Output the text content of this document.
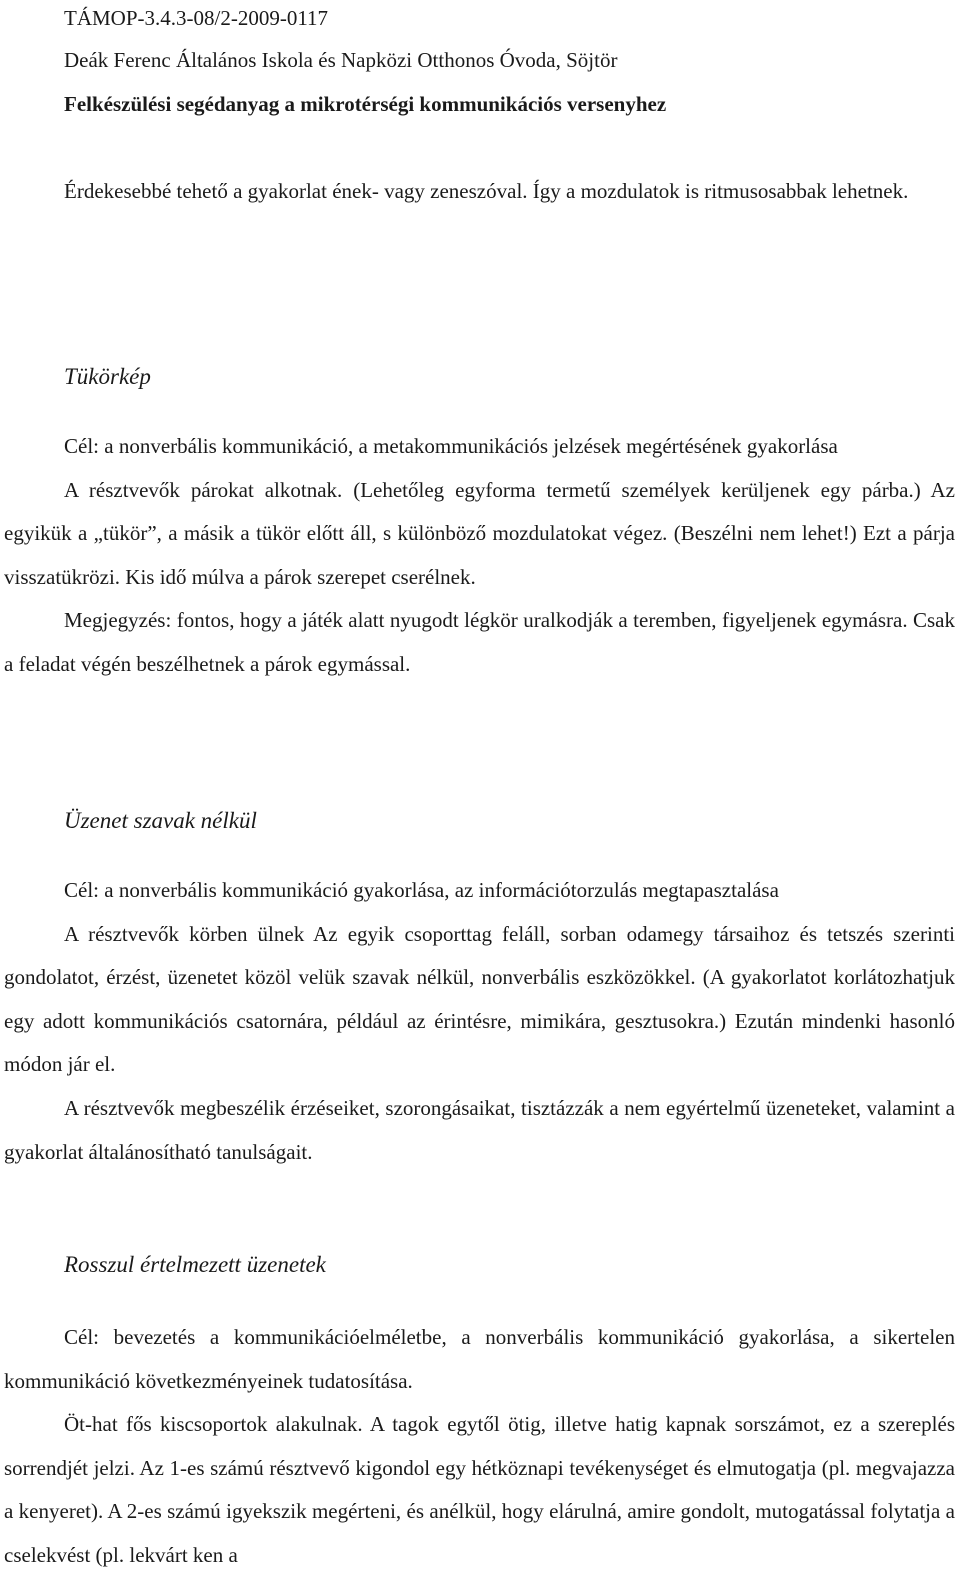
TÁMOP-3.4.3-08/2-2009-0117
Deák Ferenc Általános Iskola és Napközi Otthonos Óvoda, Söjtör
Felkészülési segédanyag a mikrotérségi kommunikációs versenyhez

Érdekesebbé tehető a gyakorlat ének- vagy zeneszóval. Így a mozdulatok is ritmusosabbak lehetnek.

Tükörkép

Cél: a nonverbális kommunikáció, a metakommunikációs jelzések megértésének gyakorlása

A résztvevők párokat alkotnak. (Lehetőleg egyforma termetű személyek kerüljenek egy párba.) Az egyikük a „tükör”, a másik a tükör előtt áll, s különböző mozdulatokat végez. (Beszélni nem lehet!) Ezt a párja visszatükrözi. Kis idő múlva a párok szerepet cserélnek.

Megjegyzés: fontos, hogy a játék alatt nyugodt légkör uralkodják a teremben, figyeljenek egymásra. Csak a feladat végén beszélhetnek a párok egymással.

Üzenet szavak nélkül

Cél: a nonverbális kommunikáció gyakorlása, az információtorzulás megtapasztalása

A résztvevők körben ülnek Az egyik csoporttag feláll, sorban odamegy társaihoz és tetszés szerinti gondolatot, érzést, üzenetet közöl velük szavak nélkül, nonverbális eszközökkel. (A gyakorlatot korlátozhatjuk egy adott kommunikációs csatornára, például az érintésre, mimikára, gesztusokra.) Ezután mindenki hasonló módon jár el.

A résztvevők megbeszélik érzéseiket, szorongásaikat, tisztázzák a nem egyértelmű üzeneteket, valamint a gyakorlat általánosítható tanulságait.

Rosszul értelmezett üzenetek

Cél: bevezetés a kommunikációelméletbe, a nonverbális kommunikáció gyakorlása, a sikertelen kommunikáció következményeinek tudatosítása.

Öt-hat fős kiscsoportok alakulnak. A tagok egytől ötig, illetve hatig kapnak sorszámot, ez a szereplés sorrendjét jelzi. Az 1-es számú résztvevő kigondol egy hétköznapi tevékenységet és elmutogatja (pl. megvajazza a kenyeret). A 2-es számú igyekszik megérteni, és anélkül, hogy elárulná, amire gondolt, mutogatással folytatja a cselekvést (pl. lekvárt ken a
